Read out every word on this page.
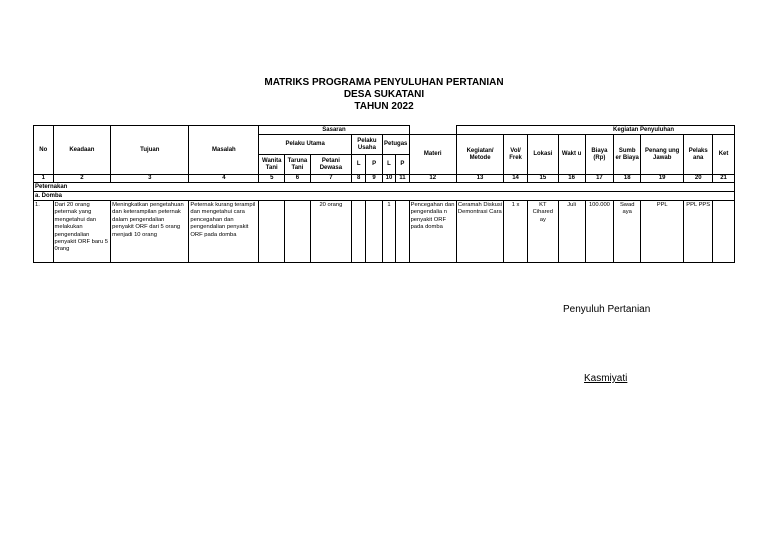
MATRIKS PROGRAMA PENYULUHAN PERTANIAN
DESA SUKATANI
TAHUN 2022
No	Keadaan	Tujuan	Masalah	Sasaran								Kegiatan Penyuluhan								
				Pelaku Utama			Pelaku Usaha		Petugas		Materi	Kegiatan/ Metode	Vol/ Frek	Lokasi	Wakt u	Biaya (Rp)	Sumb er Biaya	Penang ung Jawab	Pelaks ana	Ket
				Wanita Tani	Taruna Tani	Petani Dewasa	L	P	L	P										
1	2	3	4	5	6	7	8	9	10	11	12	13	14	15	16	17	18	19	20	21
Peternakan																				
a. Domba																				
1.	Dari 20 orang peternak yang mengetahui dan melakukan pengendalian penyakit ORF baru 5 0rang	Meningkatkan pengetahuan dan keterampilan peternak dalam pengendalian penyakit ORF dari 5 orang menjadi 10 orang	Peternak kurang terampil dan mengetahui cara pencegahan dan pengendalian penyakit ORF pada domba			20 orang			1		Pencegahan dan pengendalia n penyakit ORF pada domba	Ceramah Diskusi Demontrasi Cara	1 x	KT Cihared ay	Juli	100.000	Swad aya	PPL	PPL PPS	
Penyuluh Pertanian
Kasmiyati
